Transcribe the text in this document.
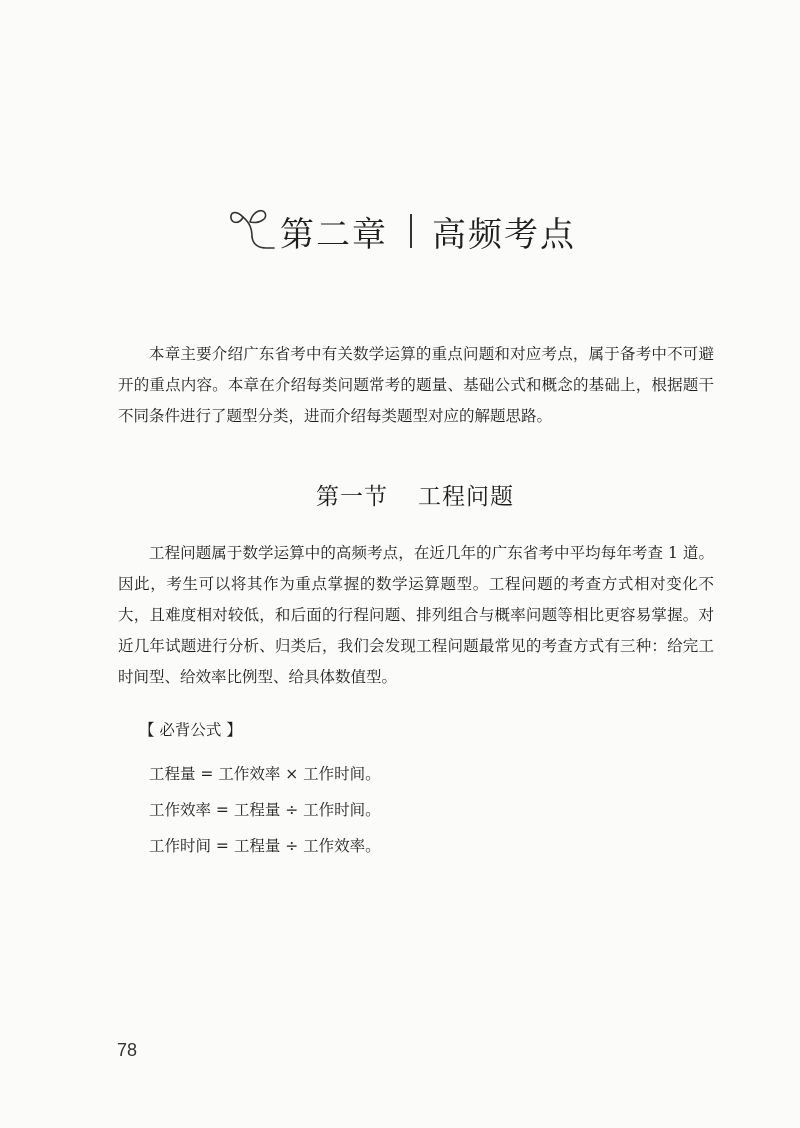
第二章 高频考点

本章主要介绍广东省考中有关数学运算的重点问题和对应考点，属于备考中不可避开的重点内容。本章在介绍每类问题常考的题量、基础公式和概念的基础上，根据题干不同条件进行了题型分类，进而介绍每类题型对应的解题思路。

第一节 工程问题

工程问题属于数学运算中的高频考点，在近几年的广东省考中平均每年考查 1 道。因此，考生可以将其作为重点掌握的数学运算题型。工程问题的考查方式相对变化不大，且难度相对较低，和后面的行程问题、排列组合与概率问题等相比更容易掌握。对近几年试题进行分析、归类后，我们会发现工程问题最常见的考查方式有三种：给完工时间型、给效率比例型、给具体数值型。

【 必背公式 】
工程量 = 工作效率 × 工作时间。
工作效率 = 工程量 ÷ 工作时间。
工作时间 = 工程量 ÷ 工作效率。
78
